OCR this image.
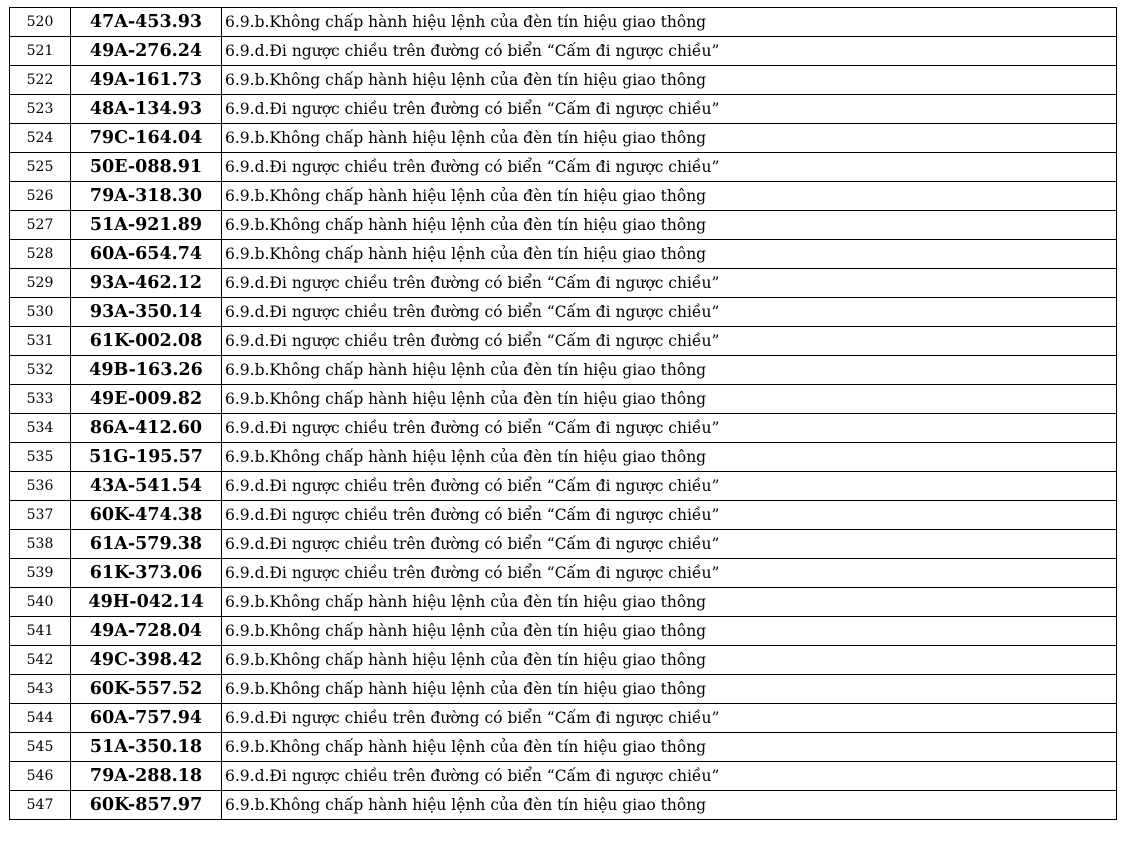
520	47A-453.93	6.9.b.Không chấp hành hiệu lệnh của đèn tín hiệu giao thông
521	49A-276.24	6.9.d.Đi ngược chiều trên đường có biển “Cấm đi ngược chiều”
522	49A-161.73	6.9.b.Không chấp hành hiệu lệnh của đèn tín hiệu giao thông
523	48A-134.93	6.9.d.Đi ngược chiều trên đường có biển “Cấm đi ngược chiều”
524	79C-164.04	6.9.b.Không chấp hành hiệu lệnh của đèn tín hiệu giao thông
525	50E-088.91	6.9.d.Đi ngược chiều trên đường có biển “Cấm đi ngược chiều”
526	79A-318.30	6.9.b.Không chấp hành hiệu lệnh của đèn tín hiệu giao thông
527	51A-921.89	6.9.b.Không chấp hành hiệu lệnh của đèn tín hiệu giao thông
528	60A-654.74	6.9.b.Không chấp hành hiệu lệnh của đèn tín hiệu giao thông
529	93A-462.12	6.9.d.Đi ngược chiều trên đường có biển “Cấm đi ngược chiều”
530	93A-350.14	6.9.d.Đi ngược chiều trên đường có biển “Cấm đi ngược chiều”
531	61K-002.08	6.9.d.Đi ngược chiều trên đường có biển “Cấm đi ngược chiều”
532	49B-163.26	6.9.b.Không chấp hành hiệu lệnh của đèn tín hiệu giao thông
533	49E-009.82	6.9.b.Không chấp hành hiệu lệnh của đèn tín hiệu giao thông
534	86A-412.60	6.9.d.Đi ngược chiều trên đường có biển “Cấm đi ngược chiều”
535	51G-195.57	6.9.b.Không chấp hành hiệu lệnh của đèn tín hiệu giao thông
536	43A-541.54	6.9.d.Đi ngược chiều trên đường có biển “Cấm đi ngược chiều”
537	60K-474.38	6.9.d.Đi ngược chiều trên đường có biển “Cấm đi ngược chiều”
538	61A-579.38	6.9.d.Đi ngược chiều trên đường có biển “Cấm đi ngược chiều”
539	61K-373.06	6.9.d.Đi ngược chiều trên đường có biển “Cấm đi ngược chiều”
540	49H-042.14	6.9.b.Không chấp hành hiệu lệnh của đèn tín hiệu giao thông
541	49A-728.04	6.9.b.Không chấp hành hiệu lệnh của đèn tín hiệu giao thông
542	49C-398.42	6.9.b.Không chấp hành hiệu lệnh của đèn tín hiệu giao thông
543	60K-557.52	6.9.b.Không chấp hành hiệu lệnh của đèn tín hiệu giao thông
544	60A-757.94	6.9.d.Đi ngược chiều trên đường có biển “Cấm đi ngược chiều”
545	51A-350.18	6.9.b.Không chấp hành hiệu lệnh của đèn tín hiệu giao thông
546	79A-288.18	6.9.d.Đi ngược chiều trên đường có biển “Cấm đi ngược chiều”
547	60K-857.97	6.9.b.Không chấp hành hiệu lệnh của đèn tín hiệu giao thông
